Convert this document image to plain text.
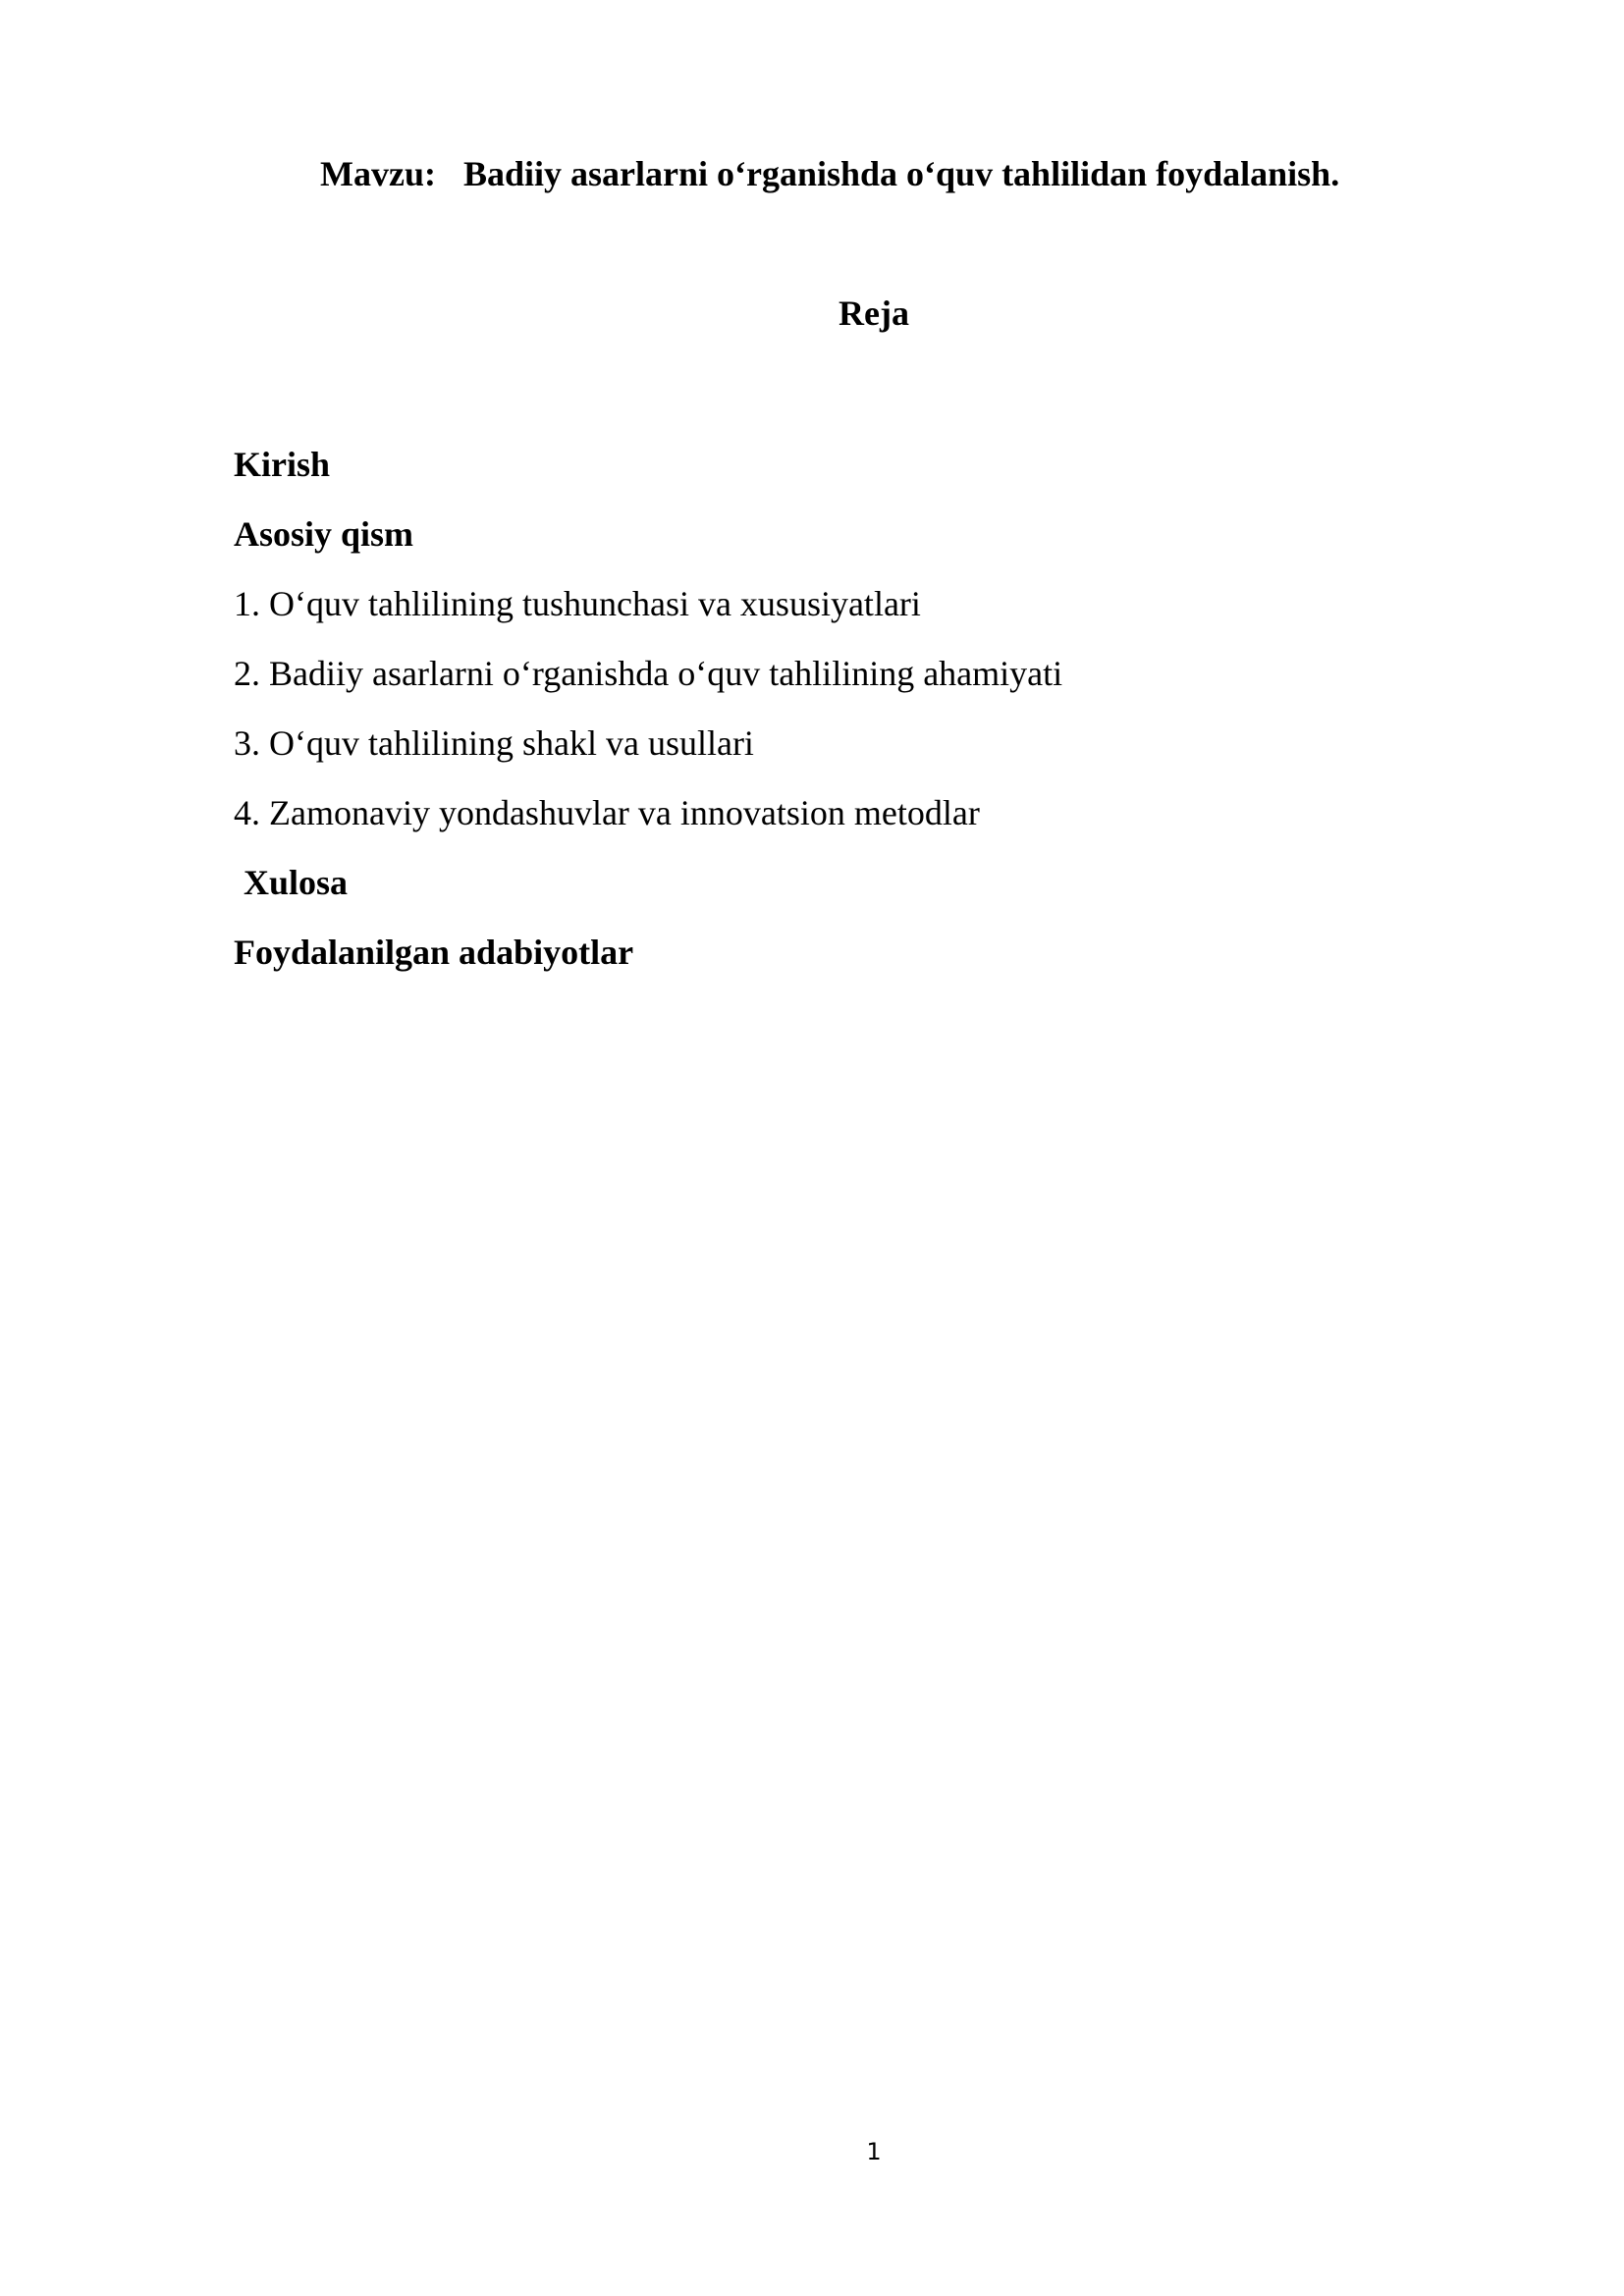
Mavzu: Badiiy asarlarni o‘rganishda o‘quv tahlilidan foydalanish.
Reja
Kirish
Asosiy qism
1. O‘quv tahlilining tushunchasi va xususiyatlari
2. Badiiy asarlarni o‘rganishda o‘quv tahlilining ahamiyati
3. O‘quv tahlilining shakl va usullari
4. Zamonaviy yondashuvlar va innovatsion metodlar
Xulosa
Foydalanilgan adabiyotlar
1
